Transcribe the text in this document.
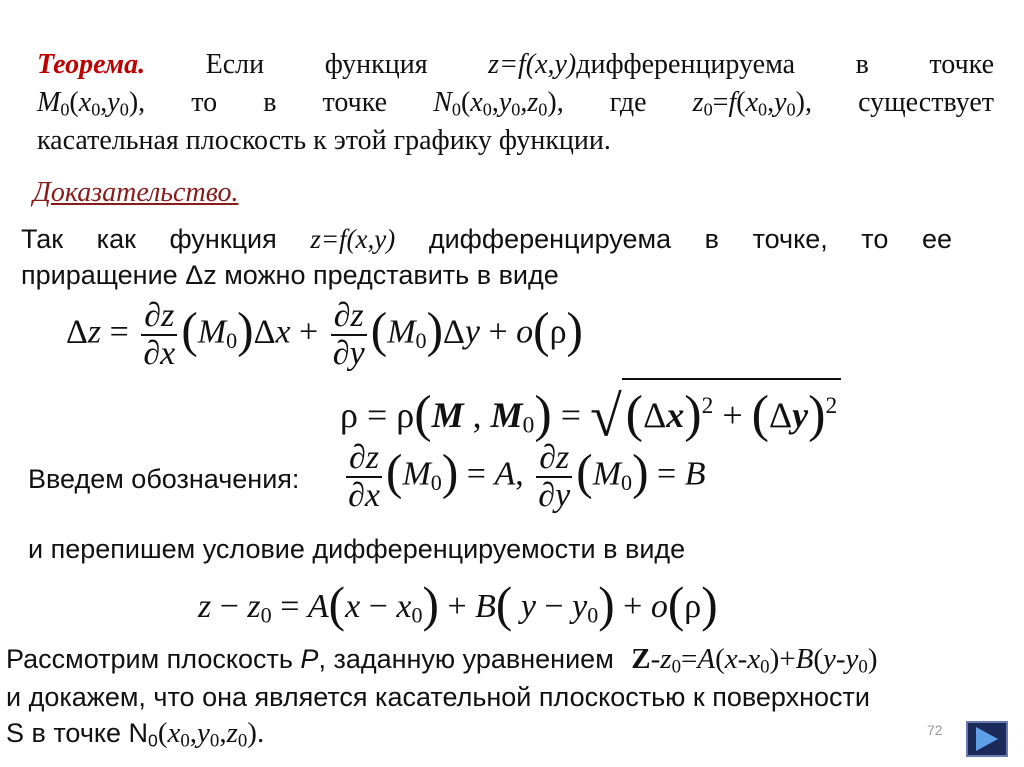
Теорема. Если функция z=f(x,y)дифференцируема в точке
$M_0(x_0,y_0)$, то в точке $N_0(x_0,y_0,z_0)$, где $z_0=f(x_0,y_0)$, существует
касательная плоскость к этой графику функции.
Доказательство.
Так как функция z=f(x,y) дифференцируема в точке, то ее
приращение Δz можно представить в виде
$\Delta z = \frac{\partial z}{\partial x} (M_0)\Delta x + \frac{\partial z}{\partial y} (M_0)\Delta y + o(\rho)$
ρ = ρ(M , $M_0) = √(\Delta x)^2 + (\Delta y)^2$
Введем обозначения: $\frac{\partial z}{\partial x} (M_0) = A$, $\frac{\partial z}{\partial y} (M_0) = B$
и перепишем условие дифференцируемости в виде
$z - z_0 = A(x - x_0) + B$( $y - y_0) + o(\rho)$
Рассмотрим плоскость P, заданную уравнением $Z-z_0=A(x-x_0)+B(y-y_0)$
и докажем, что она является касательной плоскостью к поверхности
S в точке $N_0(x_0,y_0,z_0)$.	72
